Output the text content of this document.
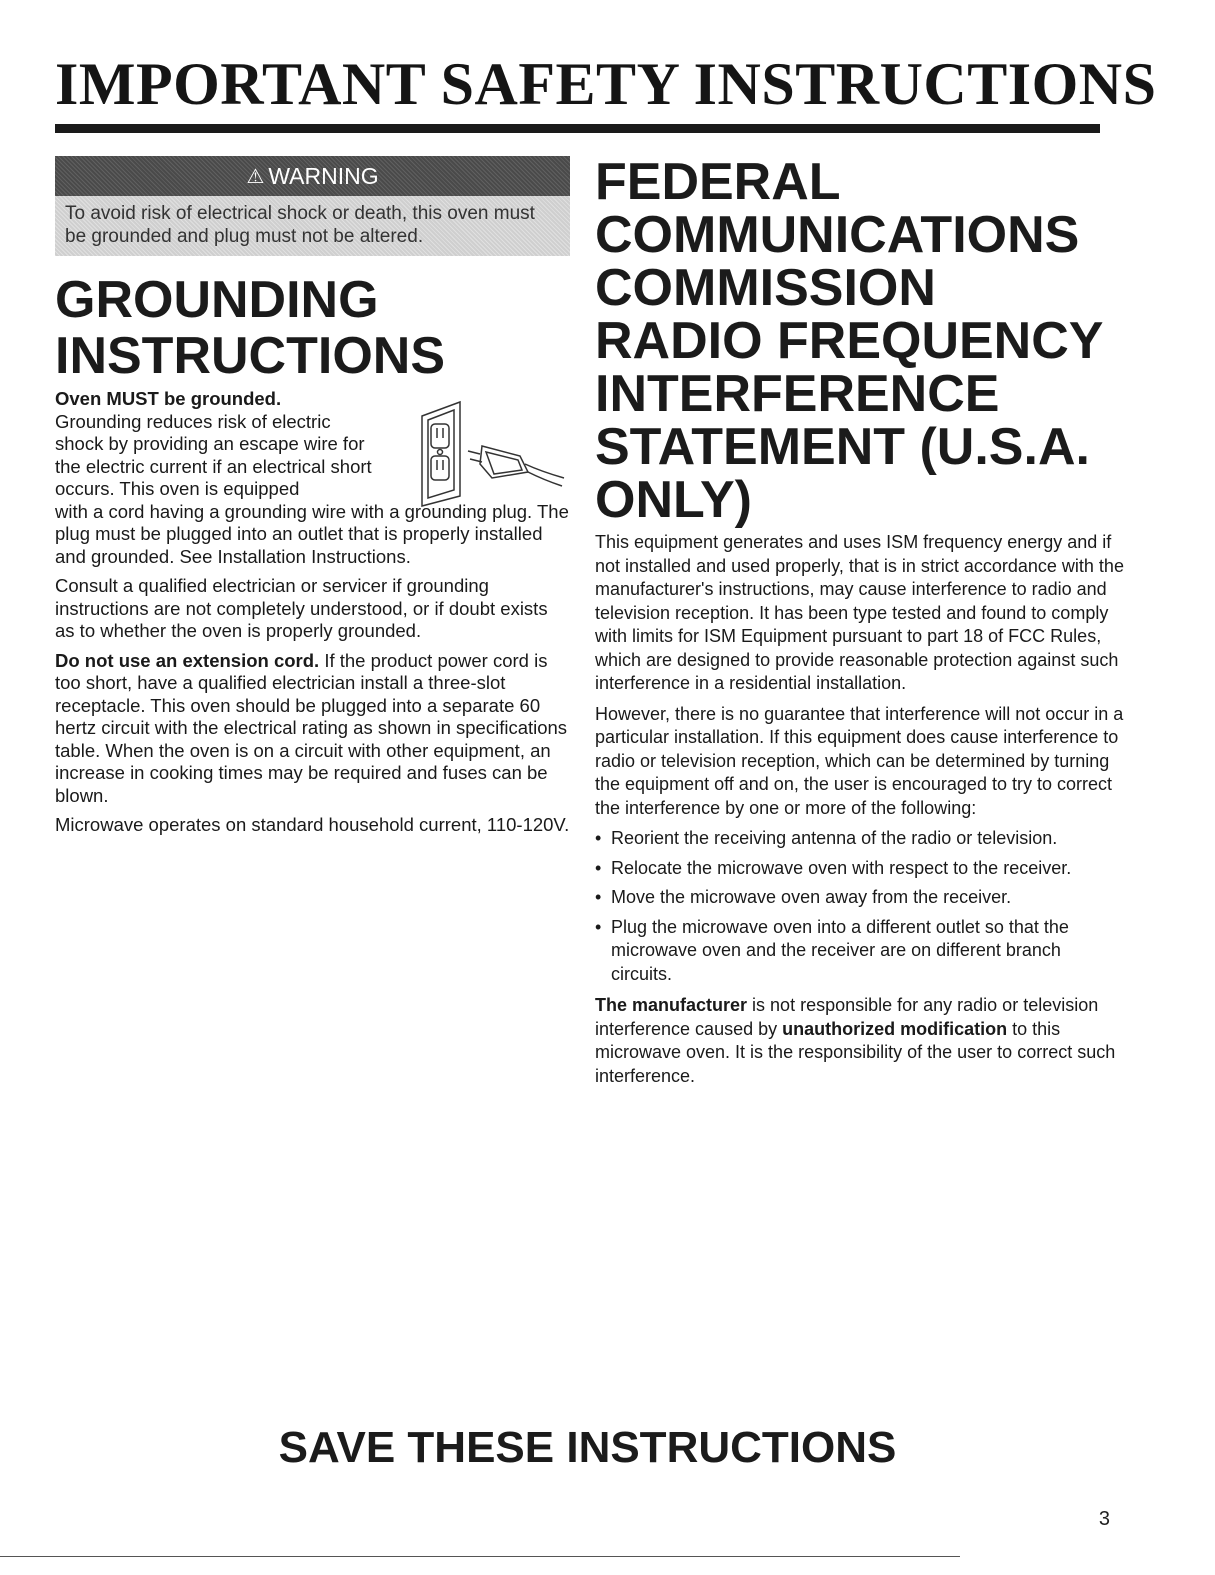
IMPORTANT SAFETY INSTRUCTIONS
⚠ WARNING

To avoid risk of electrical shock or death, this oven must be grounded and plug must not be altered.

GROUNDING
INSTRUCTIONS

Oven MUST be grounded.

Grounding reduces risk of electric shock by providing an escape wire for the electric current if an electrical short occurs. This oven is equipped

with a cord having a grounding wire with a grounding plug. The plug must be plugged into an outlet that is properly installed and grounded. See Installation Instructions.

Consult a qualified electrician or servicer if grounding instructions are not completely understood, or if doubt exists as to whether the oven is properly grounded.

Do not use an extension cord. If the product power cord is too short, have a qualified electrician install a three-slot receptacle. This oven should be plugged into a separate 60 hertz circuit with the electrical rating as shown in specifications table. When the oven is on a circuit with other equipment, an increase in cooking times may be required and fuses can be blown.

Microwave operates on standard household current, 110-120V.

FEDERAL
COMMUNICATIONS
COMMISSION
RADIO FREQUENCY
INTERFERENCE
STATEMENT (U.S.A.
ONLY)

This equipment generates and uses ISM frequency energy and if not installed and used properly, that is in strict accordance with the manufacturer's instructions, may cause interference to radio and television reception. It has been type tested and found to comply with limits for ISM Equipment pursuant to part 18 of FCC Rules, which are designed to provide reasonable protection against such interference in a residential installation.

However, there is no guarantee that interference will not occur in a particular installation. If this equipment does cause interference to radio or television reception, which can be determined by turning the equipment off and on, the user is encouraged to try to correct the interference by one or more of the following:

• Reorient the receiving antenna of the radio or television.
• Relocate the microwave oven with respect to the receiver.
• Move the microwave oven away from the receiver.
• Plug the microwave oven into a different outlet so that the microwave oven and the receiver are on different branch circuits.

The manufacturer is not responsible for any radio or television interference caused by unauthorized modification to this microwave oven. It is the responsibility of the user to correct such interference.

SAVE THESE INSTRUCTIONS
3
